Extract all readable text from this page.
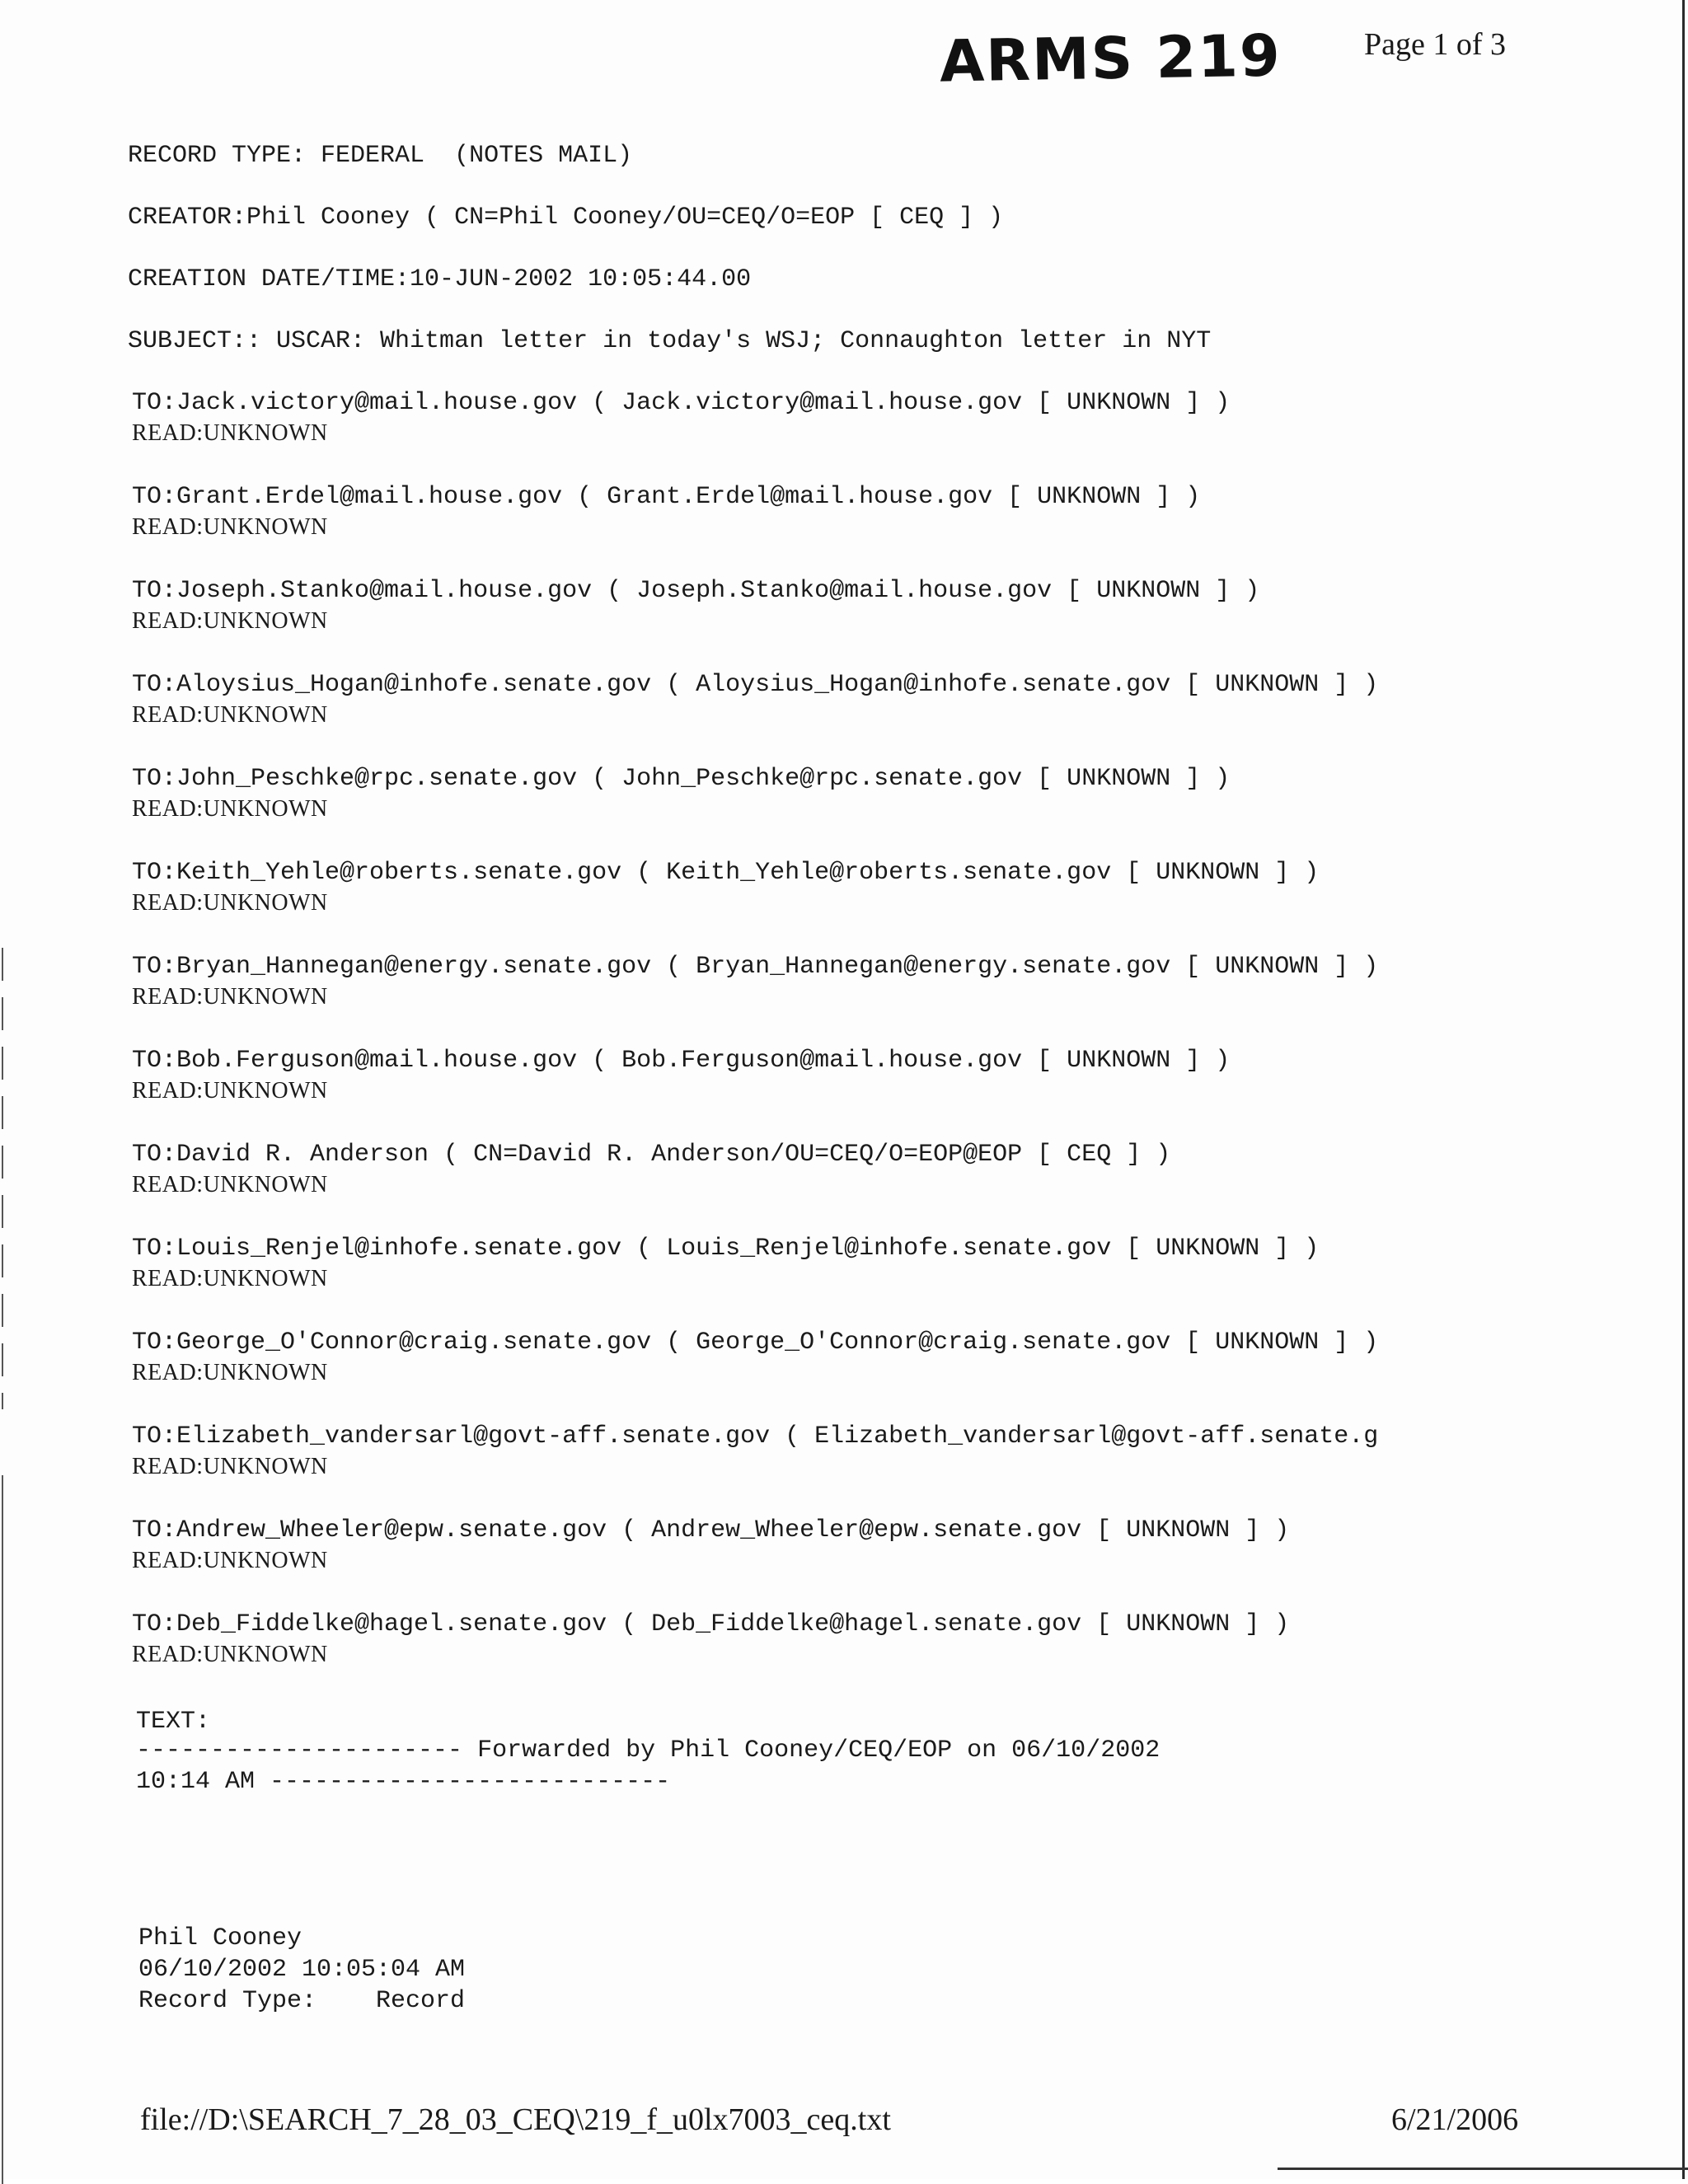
ARMS 219	Page 1 of 3
RECORD TYPE: FEDERAL  (NOTES MAIL)
CREATOR:Phil Cooney ( CN=Phil Cooney/OU=CEQ/O=EOP [ CEQ ] )
CREATION DATE/TIME:10-JUN-2002 10:05:44.00
SUBJECT:: USCAR: Whitman letter in today's WSJ; Connaughton letter in NYT
TO:Jack.victory@mail.house.gov ( Jack.victory@mail.house.gov [ UNKNOWN ] )
READ:UNKNOWN
TO:Grant.Erdel@mail.house.gov ( Grant.Erdel@mail.house.gov [ UNKNOWN ] )
READ:UNKNOWN
TO:Joseph.Stanko@mail.house.gov ( Joseph.Stanko@mail.house.gov [ UNKNOWN ] )
READ:UNKNOWN
TO:Aloysius_Hogan@inhofe.senate.gov ( Aloysius_Hogan@inhofe.senate.gov [ UNKNOWN ] )
READ:UNKNOWN
TO:John_Peschke@rpc.senate.gov ( John_Peschke@rpc.senate.gov [ UNKNOWN ] )
READ:UNKNOWN
TO:Keith_Yehle@roberts.senate.gov ( Keith_Yehle@roberts.senate.gov [ UNKNOWN ] )
READ:UNKNOWN
TO:Bryan_Hannegan@energy.senate.gov ( Bryan_Hannegan@energy.senate.gov [ UNKNOWN ] )
READ:UNKNOWN
TO:Bob.Ferguson@mail.house.gov ( Bob.Ferguson@mail.house.gov [ UNKNOWN ] )
READ:UNKNOWN
TO:David R. Anderson ( CN=David R. Anderson/OU=CEQ/O=EOP@EOP [ CEQ ] )
READ:UNKNOWN
TO:Louis_Renjel@inhofe.senate.gov ( Louis_Renjel@inhofe.senate.gov [ UNKNOWN ] )
READ:UNKNOWN
TO:George_O'Connor@craig.senate.gov ( George_O'Connor@craig.senate.gov [ UNKNOWN ] )
READ:UNKNOWN
TO:Elizabeth_vandersarl@govt-aff.senate.gov ( Elizabeth_vandersarl@govt-aff.senate.g
READ:UNKNOWN
TO:Andrew_Wheeler@epw.senate.gov ( Andrew_Wheeler@epw.senate.gov [ UNKNOWN ] )
READ:UNKNOWN
TO:Deb_Fiddelke@hagel.senate.gov ( Deb_Fiddelke@hagel.senate.gov [ UNKNOWN ] )
READ:UNKNOWN
TEXT:
---------------------- Forwarded by Phil Cooney/CEQ/EOP on 06/10/2002
10:14 AM ---------------------------
Phil Cooney
06/10/2002 10:05:04 AM
Record Type:    Record
file://D:\SEARCH_7_28_03_CEQ\219_f_u0lx7003_ceq.txt	6/21/2006
